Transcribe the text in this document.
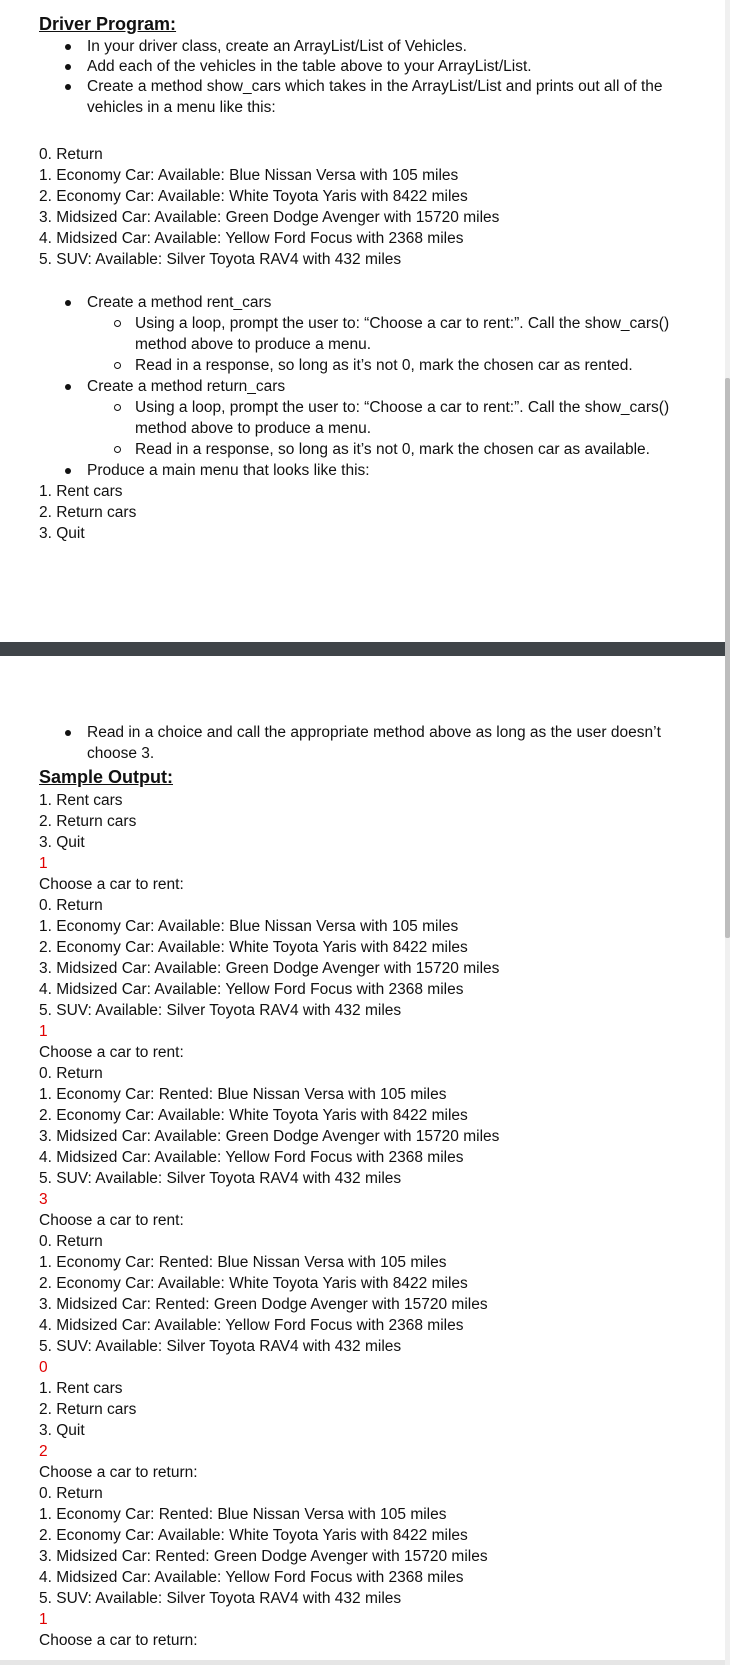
Driver Program:
In your driver class, create an ArrayList/List of Vehicles.
Add each of the vehicles in the table above to your ArrayList/List.
Create a method show_cars which takes in the ArrayList/List and prints out all of the vehicles in a menu like this:
0. Return
1. Economy Car: Available: Blue Nissan Versa with 105 miles
2. Economy Car: Available: White Toyota Yaris with 8422 miles
3. Midsized Car: Available: Green Dodge Avenger with 15720 miles
4. Midsized Car: Available: Yellow Ford Focus with 2368 miles
5. SUV: Available: Silver Toyota RAV4 with 432 miles
Create a method rent_cars
Using a loop, prompt the user to: “Choose a car to rent:”. Call the show_cars() method above to produce a menu.
Read in a response, so long as it’s not 0, mark the chosen car as rented.
Create a method return_cars
Using a loop, prompt the user to: “Choose a car to rent:”. Call the show_cars() method above to produce a menu.
Read in a response, so long as it’s not 0, mark the chosen car as available.
Produce a main menu that looks like this:
1. Rent cars
2. Return cars
3. Quit
Read in a choice and call the appropriate method above as long as the user doesn’t choose 3.
Sample Output:
1. Rent cars
2. Return cars
3. Quit
1
Choose a car to rent:
0. Return
1. Economy Car: Available: Blue Nissan Versa with 105 miles
2. Economy Car: Available: White Toyota Yaris with 8422 miles
3. Midsized Car: Available: Green Dodge Avenger with 15720 miles
4. Midsized Car: Available: Yellow Ford Focus with 2368 miles
5. SUV: Available: Silver Toyota RAV4 with 432 miles
1
Choose a car to rent:
0. Return
1. Economy Car: Rented: Blue Nissan Versa with 105 miles
2. Economy Car: Available: White Toyota Yaris with 8422 miles
3. Midsized Car: Available: Green Dodge Avenger with 15720 miles
4. Midsized Car: Available: Yellow Ford Focus with 2368 miles
5. SUV: Available: Silver Toyota RAV4 with 432 miles
3
Choose a car to rent:
0. Return
1. Economy Car: Rented: Blue Nissan Versa with 105 miles
2. Economy Car: Available: White Toyota Yaris with 8422 miles
3. Midsized Car: Rented: Green Dodge Avenger with 15720 miles
4. Midsized Car: Available: Yellow Ford Focus with 2368 miles
5. SUV: Available: Silver Toyota RAV4 with 432 miles
0
1. Rent cars
2. Return cars
3. Quit
2
Choose a car to return:
0. Return
1. Economy Car: Rented: Blue Nissan Versa with 105 miles
2. Economy Car: Available: White Toyota Yaris with 8422 miles
3. Midsized Car: Rented: Green Dodge Avenger with 15720 miles
4. Midsized Car: Available: Yellow Ford Focus with 2368 miles
5. SUV: Available: Silver Toyota RAV4 with 432 miles
1
Choose a car to return:
